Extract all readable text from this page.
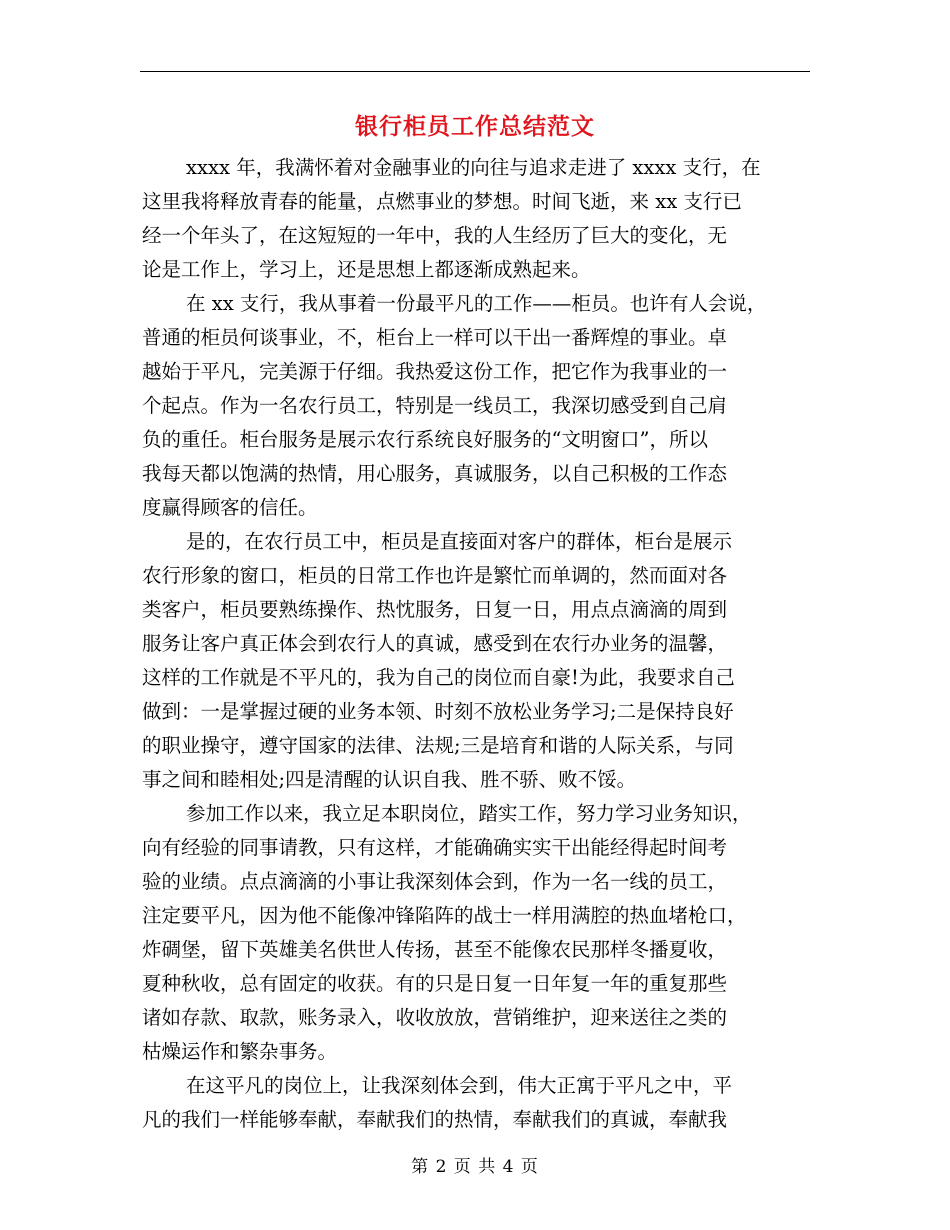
银行柜员工作总结范文
xxxx 年，我满怀着对金融事业的向往与追求走进了 xxxx 支行，在
这里我将释放青春的能量，点燃事业的梦想。时间飞逝，来 xx 支行已
经一个年头了，在这短短的一年中，我的人生经历了巨大的变化，无
论是工作上，学习上，还是思想上都逐渐成熟起来。
在 xx 支行，我从事着一份最平凡的工作——柜员。也许有人会说，
普通的柜员何谈事业，不，柜台上一样可以干出一番辉煌的事业。卓
越始于平凡，完美源于仔细。我热爱这份工作，把它作为我事业的一
个起点。作为一名农行员工，特别是一线员工，我深切感受到自己肩
负的重任。柜台服务是展示农行系统良好服务的“文明窗口”，所以
我每天都以饱满的热情，用心服务，真诚服务，以自己积极的工作态
度赢得顾客的信任。
是的，在农行员工中，柜员是直接面对客户的群体，柜台是展示
农行形象的窗口，柜员的日常工作也许是繁忙而单调的，然而面对各
类客户，柜员要熟练操作、热忱服务，日复一日，用点点滴滴的周到
服务让客户真正体会到农行人的真诚，感受到在农行办业务的温馨，
这样的工作就是不平凡的，我为自己的岗位而自豪!为此，我要求自己
做到：一是掌握过硬的业务本领、时刻不放松业务学习;二是保持良好
的职业操守，遵守国家的法律、法规;三是培育和谐的人际关系，与同
事之间和睦相处;四是清醒的认识自我、胜不骄、败不馁。
参加工作以来，我立足本职岗位，踏实工作，努力学习业务知识，
向有经验的同事请教，只有这样，才能确确实实干出能经得起时间考
验的业绩。点点滴滴的小事让我深刻体会到，作为一名一线的员工，
注定要平凡，因为他不能像冲锋陷阵的战士一样用满腔的热血堵枪口，
炸碉堡，留下英雄美名供世人传扬，甚至不能像农民那样冬播夏收，
夏种秋收，总有固定的收获。有的只是日复一日年复一年的重复那些
诸如存款、取款，账务录入，收收放放，营销维护，迎来送往之类的
枯燥运作和繁杂事务。
在这平凡的岗位上，让我深刻体会到，伟大正寓于平凡之中，平
凡的我们一样能够奉献，奉献我们的热情，奉献我们的真诚，奉献我
第 2 页 共 4 页
